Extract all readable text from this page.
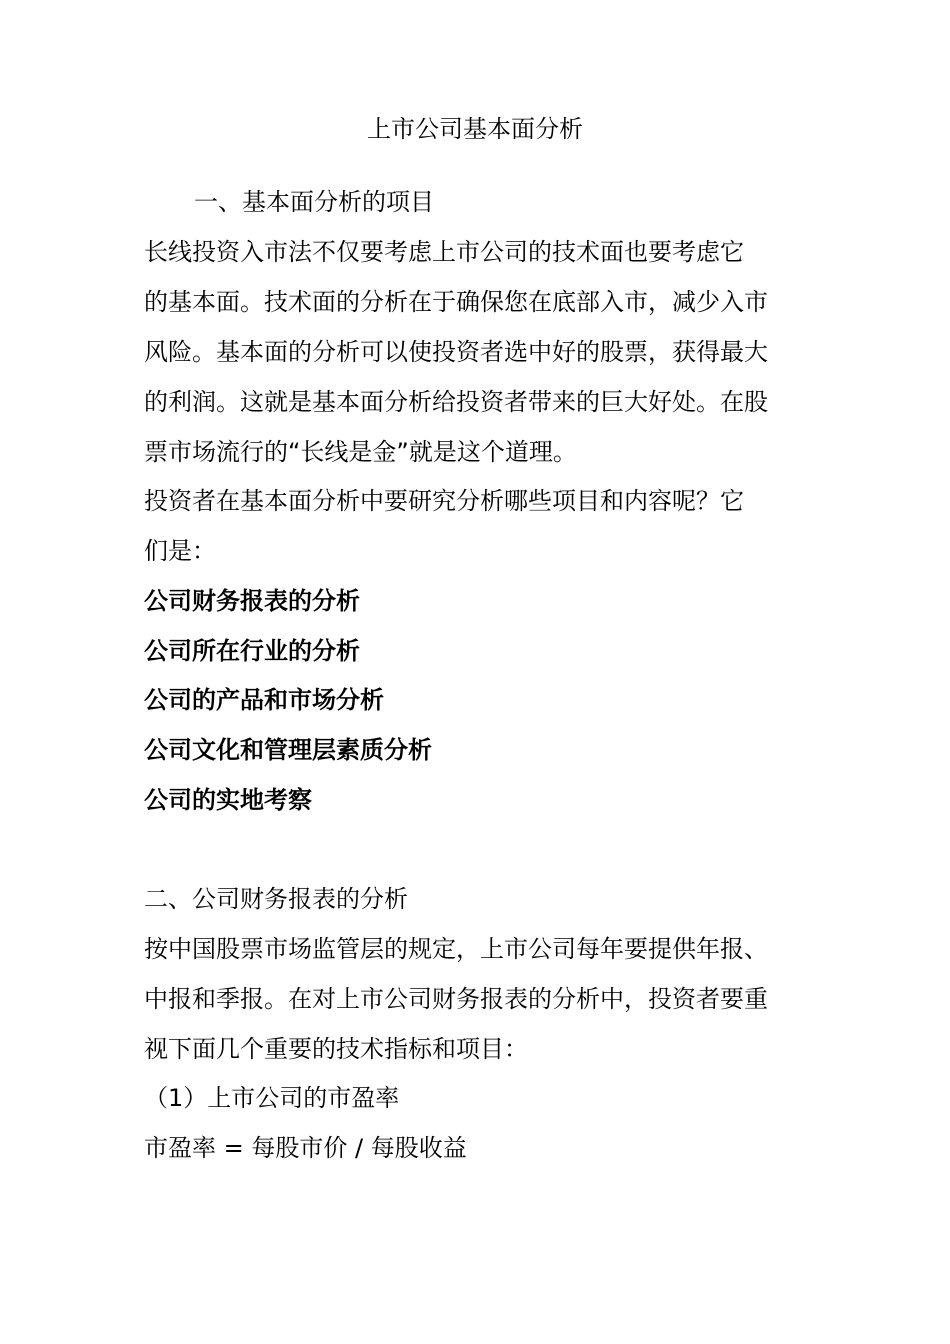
上市公司基本面分析
一、基本面分析的项目
长线投资入市法不仅要考虑上市公司的技术面也要考虑它
的基本面。技术面的分析在于确保您在底部入市，减少入市
风险。基本面的分析可以使投资者选中好的股票，获得最大
的利润。这就是基本面分析给投资者带来的巨大好处。在股
票市场流行的“长线是金”就是这个道理。
投资者在基本面分析中要研究分析哪些项目和内容呢？它
们是：
公司财务报表的分析
公司所在行业的分析
公司的产品和市场分析
公司文化和管理层素质分析
公司的实地考察
二、公司财务报表的分析
按中国股票市场监管层的规定，上市公司每年要提供年报、
中报和季报。在对上市公司财务报表的分析中，投资者要重
视下面几个重要的技术指标和项目：
（1）上市公司的市盈率
市盈率 = 每股市价 / 每股收益
